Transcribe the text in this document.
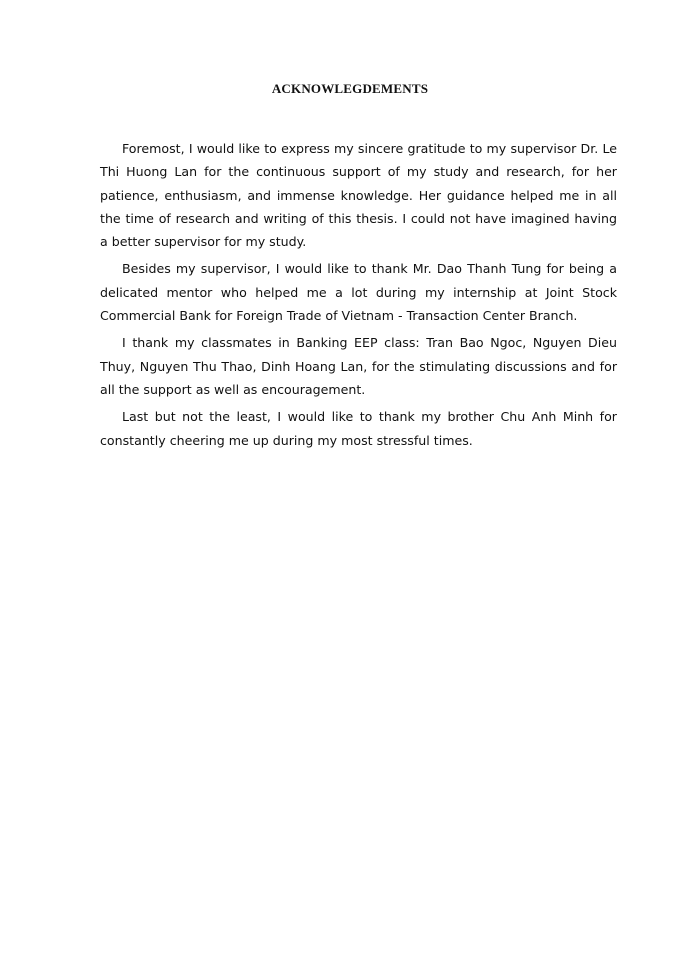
ACKNOWLEGDEMENTS

Foremost, I would like to express my sincere gratitude to my supervisor Dr. Le Thi Huong Lan for the continuous support of my study and research, for her patience, enthusiasm, and immense knowledge. Her guidance helped me in all the time of research and writing of this thesis. I could not have imagined having a better supervisor for my study.

Besides my supervisor, I would like to thank Mr. Dao Thanh Tung for being a delicated mentor who helped me a lot during my internship at Joint Stock Commercial Bank for Foreign Trade of Vietnam - Transaction Center Branch.

I thank my classmates in Banking EEP class: Tran Bao Ngoc, Nguyen Dieu Thuy, Nguyen Thu Thao, Dinh Hoang Lan, for the stimulating discussions and for all the support as well as encouragement.

Last but not the least, I would like to thank my brother Chu Anh Minh for constantly cheering me up during my most stressful times.
